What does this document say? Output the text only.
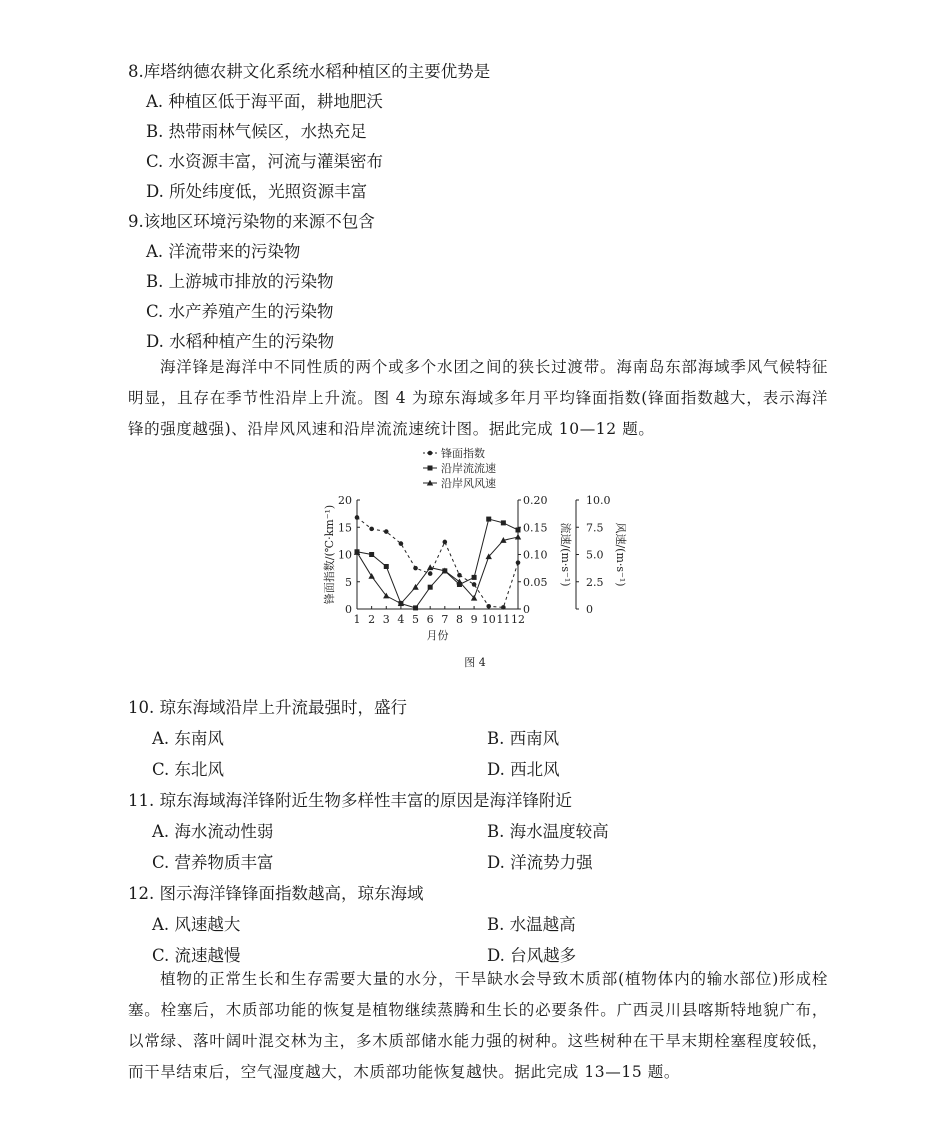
8.库塔纳德农耕文化系统水稻种植区的主要优势是
A. 种植区低于海平面，耕地肥沃
B. 热带雨林气候区，水热充足
C. 水资源丰富，河流与灌渠密布
D. 所处纬度低，光照资源丰富
9.该地区环境污染物的来源不包含
A. 洋流带来的污染物
B. 上游城市排放的污染物
C. 水产养殖产生的污染物
D. 水稻种植产生的污染物
海洋锋是海洋中不同性质的两个或多个水团之间的狭长过渡带。海南岛东部海域季风气候特征明显，且存在季节性沿岸上升流。图 4 为琼东海域多年月平均锋面指数(锋面指数越大，表示海洋锋的强度越强)、沿岸风风速和沿岸流流速统计图。据此完成 10—12 题。
0
5
10
15
20
0
0.05
0.10
0.15
0.20
0
2.5
5.0
7.5
10.0
1 2 3 4 5 6 7 8 9 10 11 12
月份
锋面指数/(℃·km⁻¹)	流速/(m·s⁻¹)	风速/(m·s⁻¹)
锋面指数
沿岸流流速
沿岸风风速
图 4
10. 琼东海域沿岸上升流最强时，盛行
A. 东南风	B. 西南风
C. 东北风	D. 西北风
11. 琼东海域海洋锋附近生物多样性丰富的原因是海洋锋附近
A. 海水流动性弱	B. 海水温度较高
C. 营养物质丰富	D. 洋流势力强
12. 图示海洋锋锋面指数越高，琼东海域
A. 风速越大	B. 水温越高
C. 流速越慢	D. 台风越多
植物的正常生长和生存需要大量的水分，干旱缺水会导致木质部(植物体内的输水部位)形成栓塞。栓塞后，木质部功能的恢复是植物继续蒸腾和生长的必要条件。广西灵川县喀斯特地貌广布，以常绿、落叶阔叶混交林为主，多木质部储水能力强的树种。这些树种在干旱末期栓塞程度较低，而干旱结束后，空气湿度越大，木质部功能恢复越快。据此完成 13—15 题。
